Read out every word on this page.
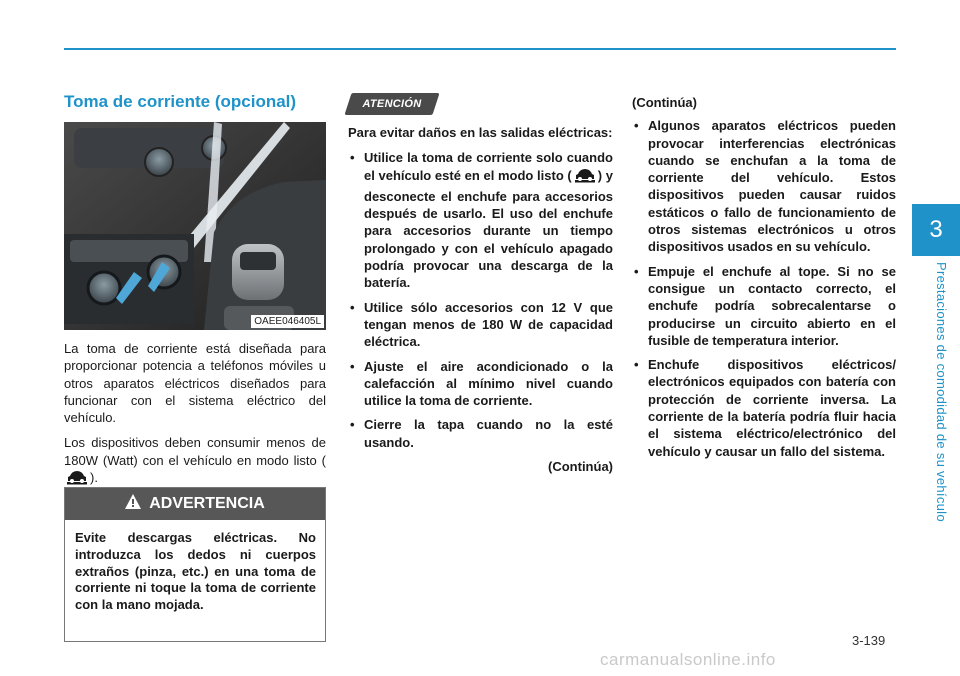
3
Prestaciones de comodidad de su vehículo
Toma de corriente (opcional)
OAEE046405L

La toma de corriente está diseñada para proporcionar potencia a teléfonos móviles u otros aparatos eléctricos diseñados para funcionar con el sistema eléctrico del vehículo.

Los dispositivos deben consumir menos de 180W (Watt) con el vehículo en modo listo ().

ADVERTENCIA
Evite descargas eléctricas. No introduzca los dedos ni cuerpos extraños (pinza, etc.) en una toma de corriente ni toque la toma de corriente con la mano mojada.
ATENCIÓN

Para evitar daños en las salidas eléctricas:

• Utilice la toma de corriente solo cuando el vehículo esté en el modo listo ( ) y desconecte el enchufe para accesorios después de usarlo. El uso del enchufe para accesorios durante un tiempo prolongado y con el vehículo apagado podría provocar una descarga de la batería.
• Utilice sólo accesorios con 12 V que tengan menos de 180 W de capacidad eléctrica.
• Ajuste el aire acondicionado o la calefacción al mínimo nivel cuando utilice la toma de corriente.
• Cierre la tapa cuando no la esté usando.
(Continúa)

(Continúa)

• Algunos aparatos eléctricos pueden provocar interferencias electrónicas cuando se enchufan a la toma de corriente del vehículo. Estos dispositivos pueden causar ruidos estáticos o fallo de funcionamiento de otros sistemas electrónicos u otros dispositivos usados en su vehículo.
• Empuje el enchufe al tope. Si no se consigue un contacto correcto, el enchufe podría sobrecalentarse o producirse un circuito abierto en el fusible de temperatura interior.
• Enchufe dispositivos eléctricos/ electrónicos equipados con batería con protección de corriente inversa. La corriente de la batería podría fluir hacia el sistema eléctrico/electrónico del vehículo y causar un fallo del sistema.
3-139
carmanualsonline.info
